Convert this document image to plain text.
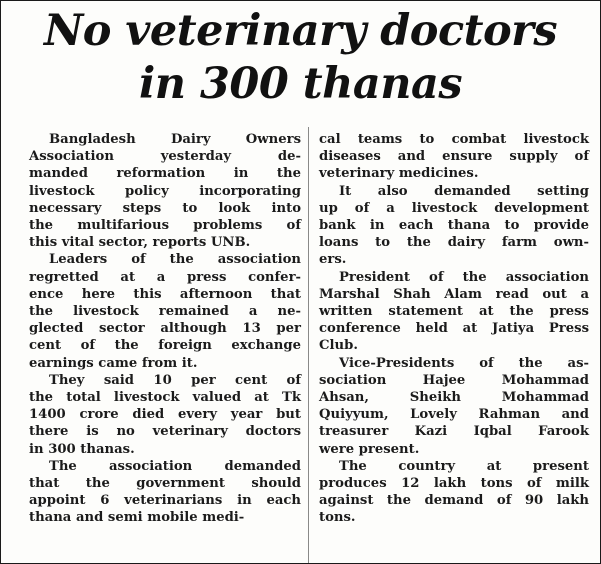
No veterinary doctors
in 300 thanas

Bangladesh Dairy Owners
Association yesterday de-
manded reformation in the
livestock policy incorporating
necessary steps to look into
the multifarious problems of
this vital sector, reports UNB.

Leaders of the association
regretted at a press confer-
ence here this afternoon that
the livestock remained a ne-
glected sector although 13 per
cent of the foreign exchange
earnings came from it.

They said 10 per cent of
the total livestock valued at Tk
1400 crore died every year but
there is no veterinary doctors
in 300 thanas.

The association demanded
that the government should
appoint 6 veterinarians in each
thana and semi mobile medi-

cal teams to combat livestock
diseases and ensure supply of
veterinary medicines.

It also demanded setting
up of a livestock development
bank in each thana to provide
loans to the dairy farm own-
ers.

President of the association
Marshal Shah Alam read out a
written statement at the press
conference held at Jatiya Press
Club.

Vice-Presidents of the as-
sociation Hajee Mohammad
Ahsan, Sheikh Mohammad
Quiyyum, Lovely Rahman and
treasurer Kazi Iqbal Farook
were present.

The country at present
produces 12 lakh tons of milk
against the demand of 90 lakh
tons.
